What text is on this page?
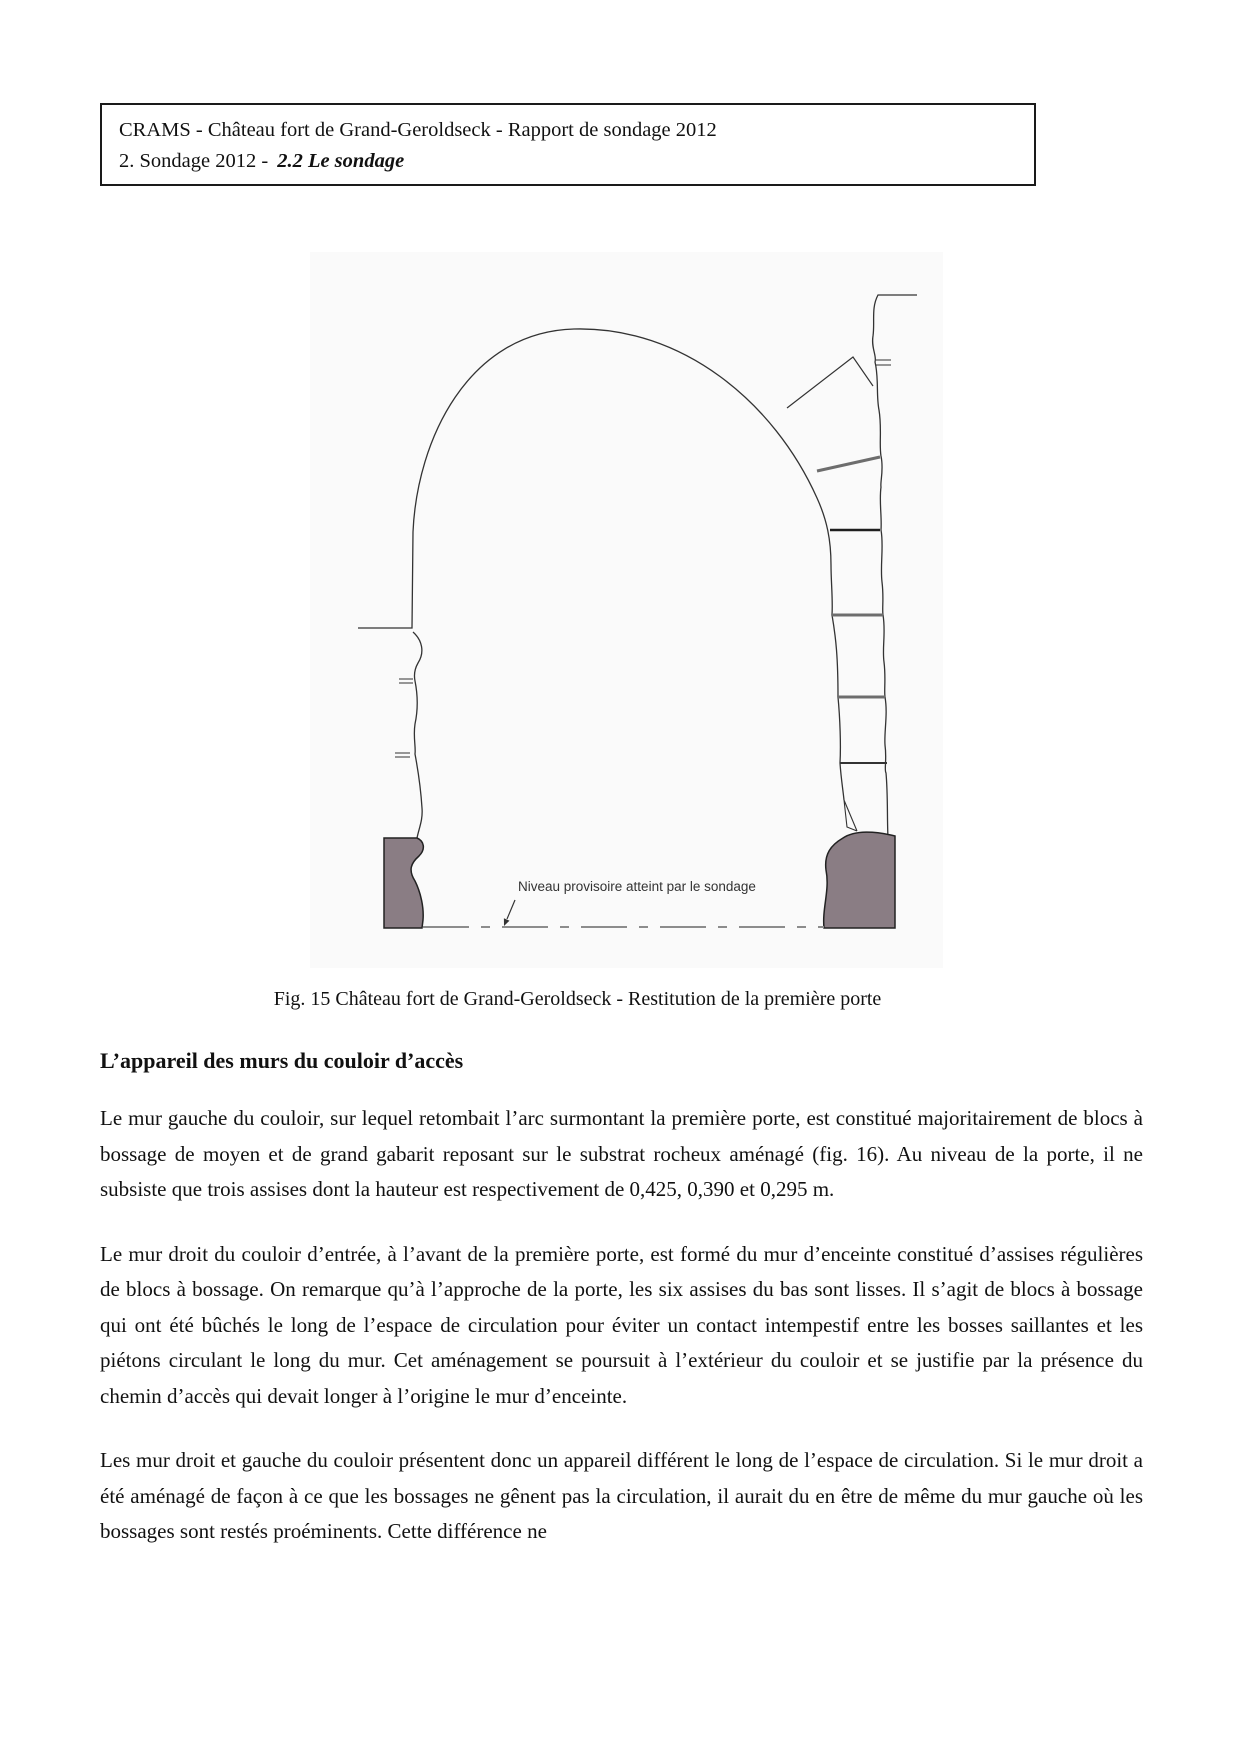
CRAMS - Château fort de Grand-Geroldseck - Rapport de sondage 2012
2. Sondage 2012 - 2.2 Le sondage
Niveau provisoire atteint par le sondage
Fig. 15 Château fort de Grand-Geroldseck - Restitution de la première porte
L’appareil des murs du couloir d’accès

Le mur gauche du couloir, sur lequel retombait l’arc surmontant la première porte, est constitué majoritairement de blocs à bossage de moyen et de grand gabarit reposant sur le substrat rocheux aménagé (fig. 16). Au niveau de la porte, il ne subsiste que trois assises dont la hauteur est respectivement de 0,425, 0,390 et 0,295 m.

Le mur droit du couloir d’entrée, à l’avant de la première porte, est formé du mur d’enceinte constitué d’assises régulières de blocs à bossage. On remarque qu’à l’approche de la porte, les six assises du bas sont lisses. Il s’agit de blocs à bossage qui ont été bûchés le long de l’espace de circulation pour éviter un contact intempestif entre les bosses saillantes et les piétons circulant le long du mur. Cet aménagement se poursuit à l’extérieur du couloir et se justifie par la présence du chemin d’accès qui devait longer à l’origine le mur d’enceinte.

Les mur droit et gauche du couloir présentent donc un appareil différent le long de l’espace de circulation. Si le mur droit a été aménagé de façon à ce que les bossages ne gênent pas la circulation, il aurait du en être de même du mur gauche où les bossages sont restés proéminents. Cette différence ne
